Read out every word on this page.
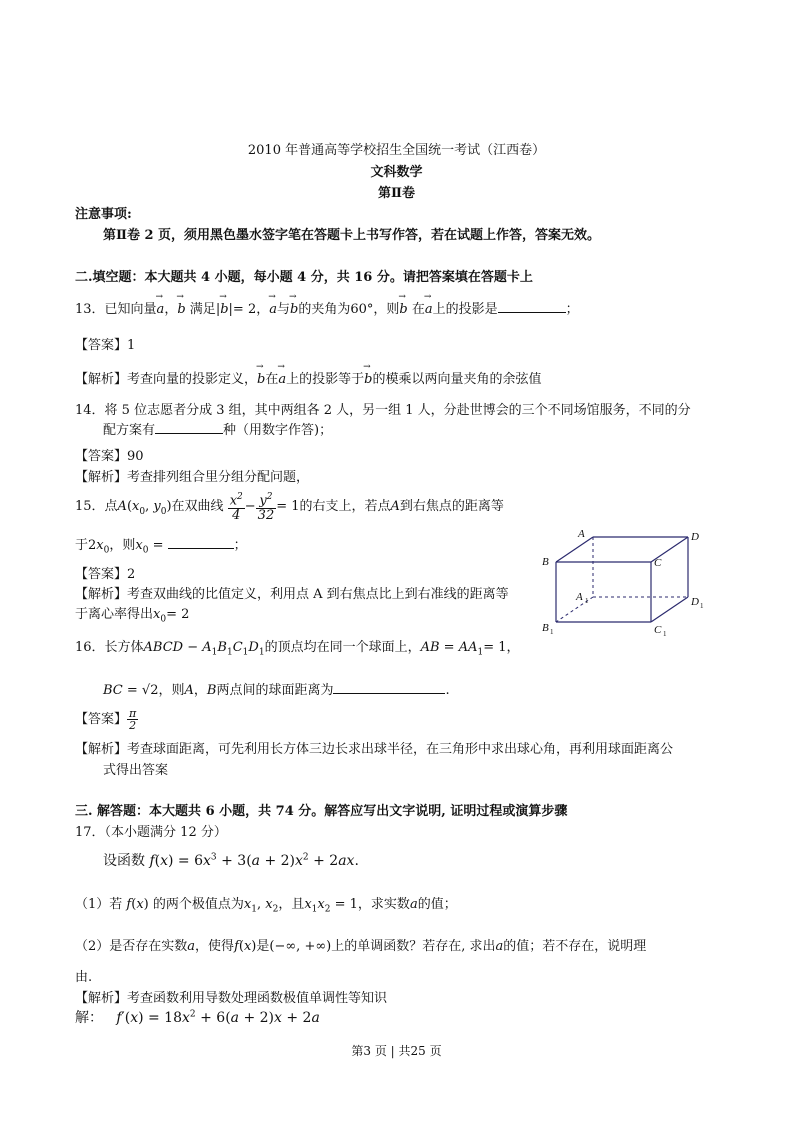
2010 年普通高等学校招生全国统一考试（江西卷）
文科数学
第Ⅱ卷
注意事项:
第Ⅱ卷 2 页，须用黑色墨水签字笔在答题卡上书写作答，若在试题上作答，答案无效。
二.填空题：本大题共 4 小题，每小题 4 分，共 16 分。请把答案填在答题卡上
13．已知向量→ a，→ b 满足|→ b|= 2，→ a与→ b的夹角为60°，则→ b 在→ a上的投影是	；
【答案】1
【解析】考查向量的投影定义，→ b在→ a上的投影等于→ b的模乘以两向量夹角的余弦值
14．将 5 位志愿者分成 3 组，其中两组各 2 人，另一组 1 人，分赴世博会的三个不同场馆服务，不同的分
配方案有	种（用数字作答)；
【答案】90
【解析】考查排列组合里分组分配问题，
15．点$A(x_0$, $y_0$)在双曲线 $\frac{x^2}{4} - \frac{y^2}{32} = 1$的右支上，若点A到右焦点的距离等
于$2x_0$，则$x_0$ =	；
【答案】2
【解析】考查双曲线的比值定义，利用点 A 到右焦点比上到右准线的距离等
于离心率得出$x_0= 2$
A	D
B	C
A 1	D 1
B 1	C 1
16．长方体ABCD − $A_1B_1C_1D_1$的顶点均在同一个球面上，AB = $AA_1= 1$，
BC = √2，则A，B两点间的球面距离为	.
【答案】 $\frac{\pi}{2}$
【解析】考查球面距离，可先利用长方体三边长求出球半径，在三角形中求出球心角，再利用球面距离公
式得出答案
三. 解答题：本大题共 6 小题，共 74 分。解答应写出文字说明, 证明过程或演算步骤
17．（本小题满分 12 分）
设函数 $f(x) = 6x^3 + 3(a + 2)x^2 + 2ax$.
（1）若 f(x) 的两个极值点为$x_1$, $x_2$，且$x_1x_2 = 1$，求实数a的值；
（2）是否存在实数a，使得f(x)是(−∞, +∞)上的单调函数？若存在, 求出a的值；若不存在，说明理
由.
【解析】考查函数利用导数处理函数极值单调性等知识
解： $f'(x) = 18x^2 + 6(a + 2)x + 2a$
第3 页 | 共25 页
